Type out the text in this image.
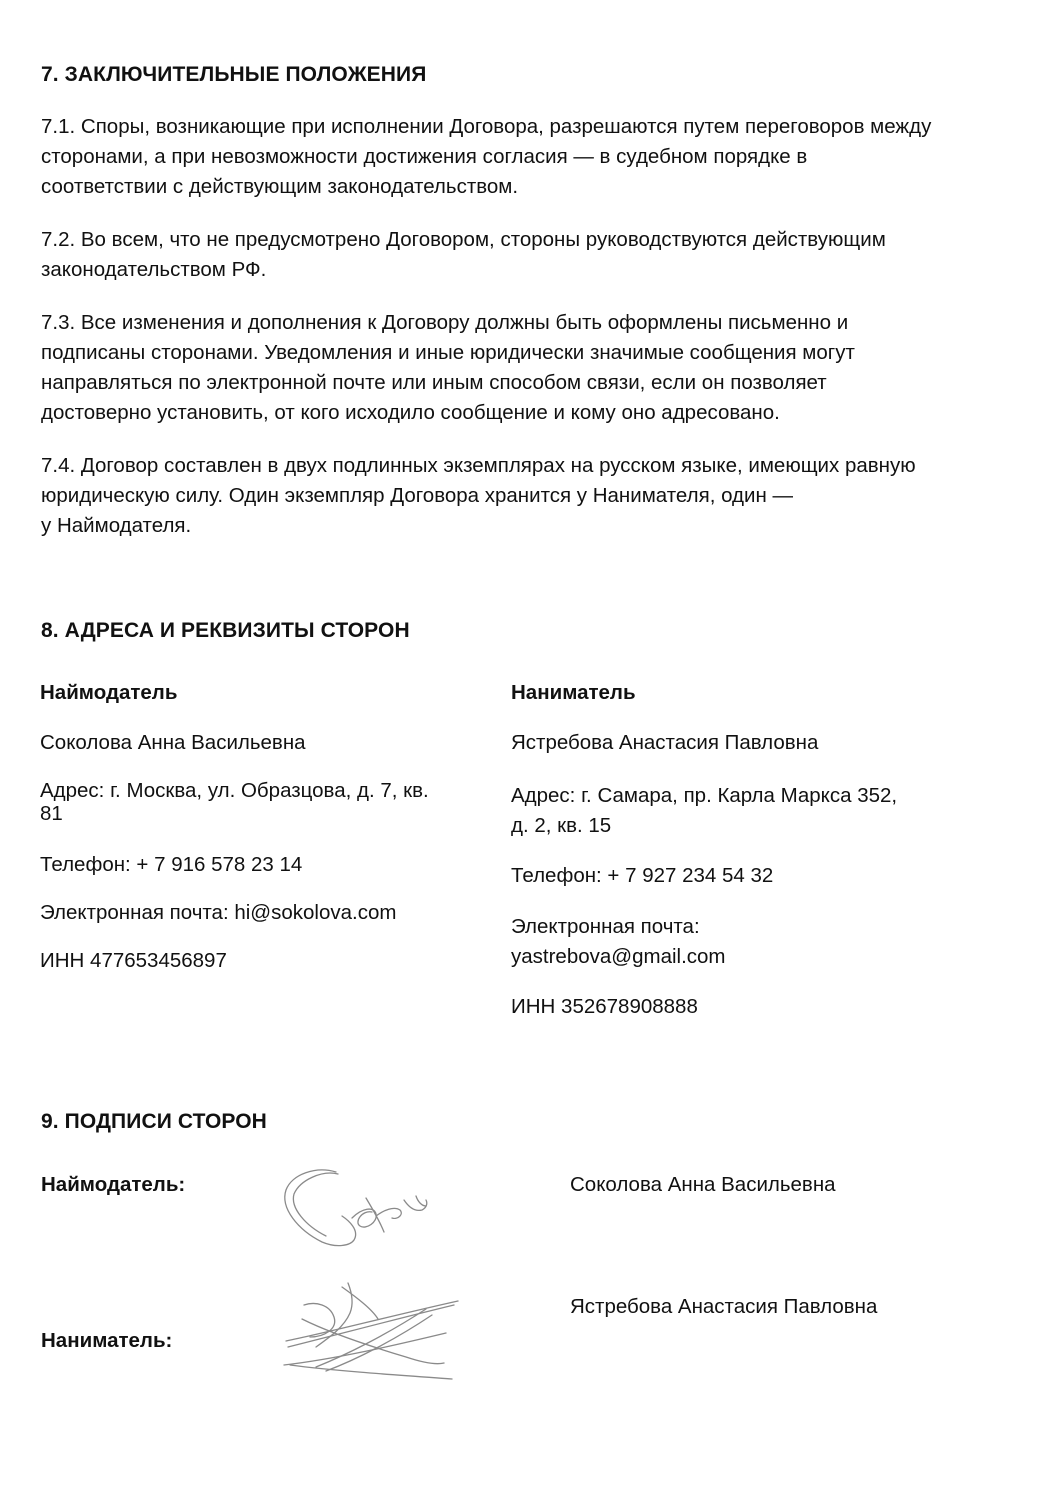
7. ЗАКЛЮЧИТЕЛЬНЫЕ ПОЛОЖЕНИЯ
7.1. Споры, возникающие при исполнении Договора, разрешаются путем переговоров между
сторонами, а при невозможности достижения согласия — в судебном порядке в
соответствии с действующим законодательством.
7.2. Во всем, что не предусмотрено Договором, стороны руководствуются действующим
законодательством РФ.
7.3. Все изменения и дополнения к Договору должны быть оформлены письменно и
подписаны сторонами. Уведомления и иные юридически значимые сообщения могут
направляться по электронной почте или иным способом связи, если он позволяет
достоверно установить, от кого исходило сообщение и кому оно адресовано.
7.4. Договор составлен в двух подлинных экземплярах на русском языке, имеющих равную
юридическую силу. Один экземпляр Договора хранится у Нанимателя, один —
у Наймодателя.
8. АДРЕСА И РЕКВИЗИТЫ СТОРОН
Наймодатель
Соколова Анна Васильевна
Адрес: г. Москва, ул. Образцова, д. 7, кв.
81
Телефон: + 7 916 578 23 14
Электронная почта: hi@sokolova.com
ИНН 477653456897
Наниматель
Ястребова Анастасия Павловна
Адрес: г. Самара, пр. Карла Маркса 352,
д. 2, кв. 15
Телефон: + 7 927 234 54 32
Электронная почта:
yastrebova@gmail.com
ИНН 352678908888
9. ПОДПИСИ СТОРОН
Наймодатель:	Соколова Анна Васильевна
Наниматель:
Ястребова Анастасия Павловна
